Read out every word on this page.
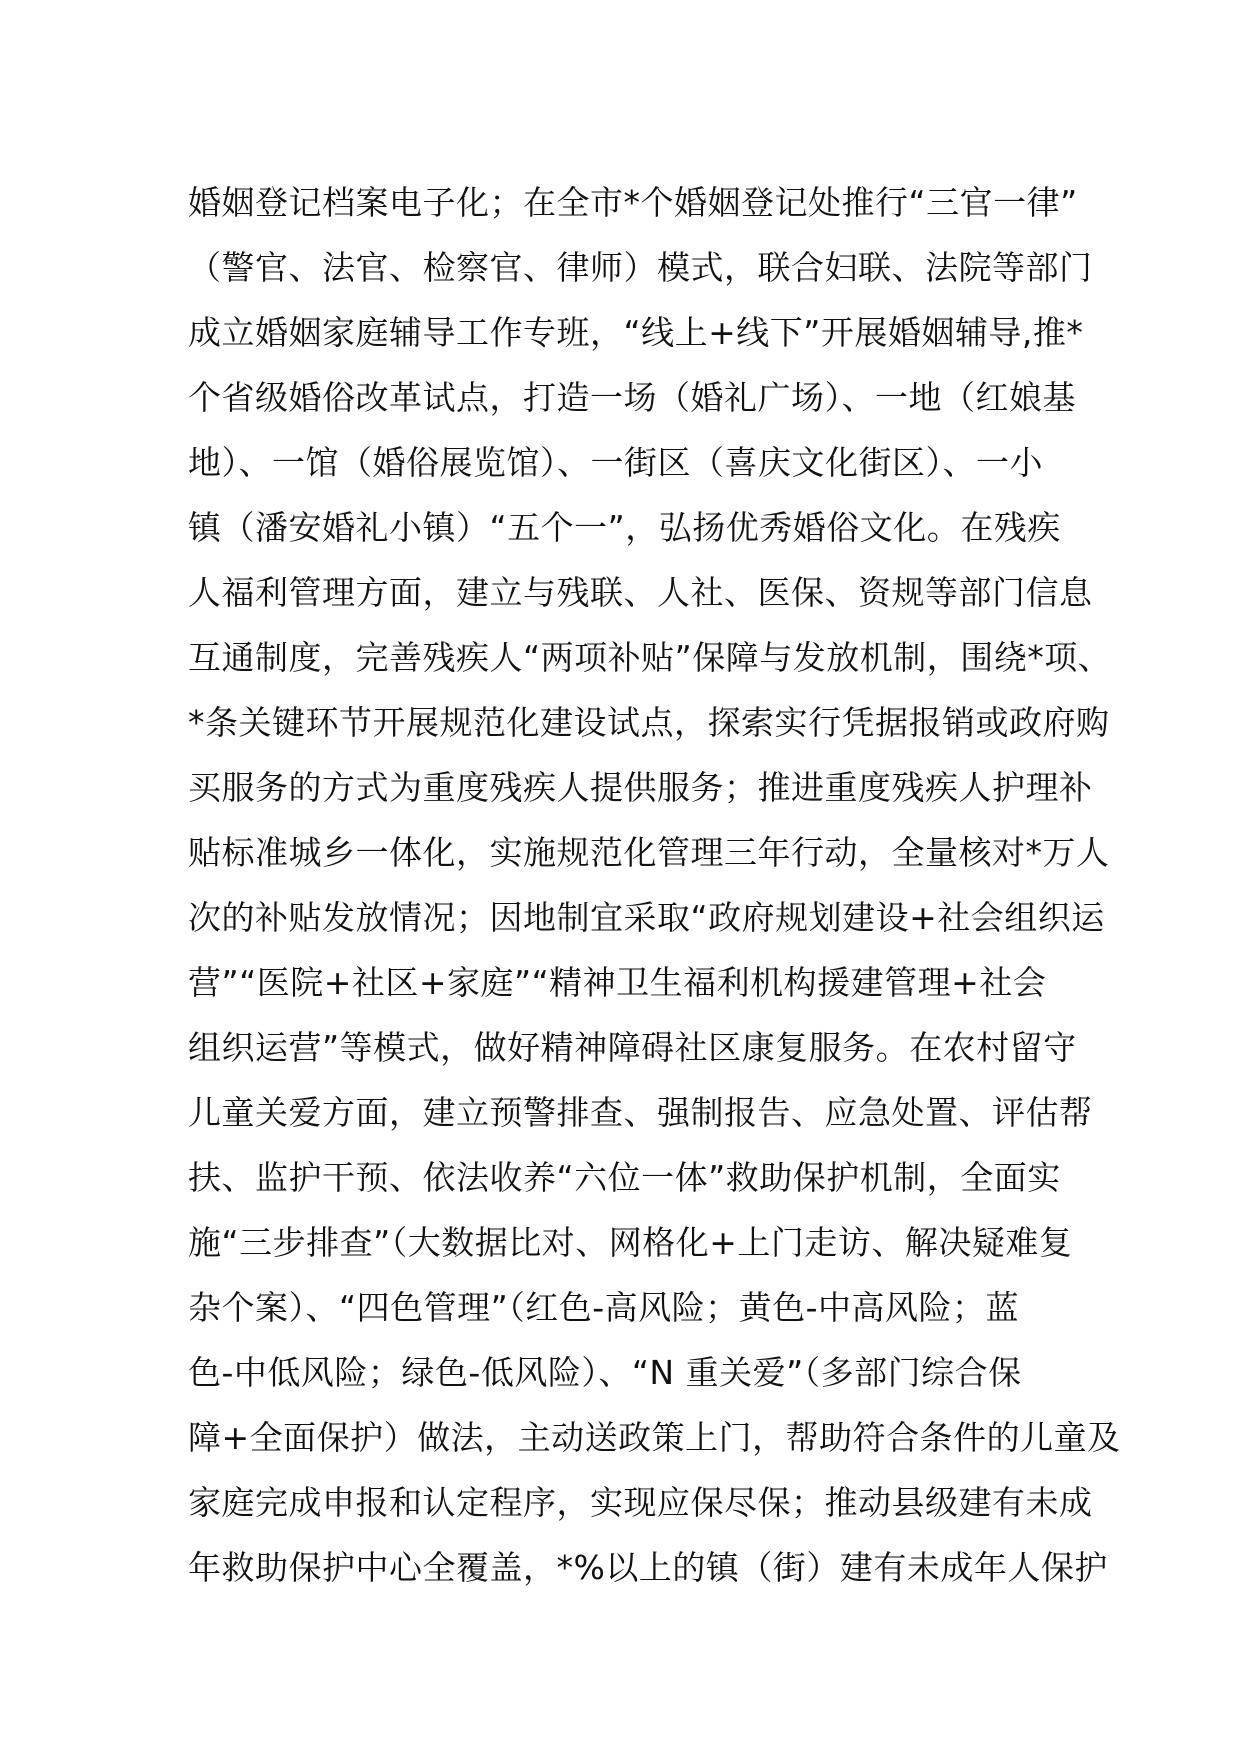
婚姻登记档案电子化；在全市*个婚姻登记处推行“三官一律”
（警官、法官、检察官、律师）模式，联合妇联、法院等部门
成立婚姻家庭辅导工作专班，“线上+线下”开展婚姻辅导,推*
个省级婚俗改革试点，打造一场（婚礼广场）、一地（红娘基
地）、一馆（婚俗展览馆）、一街区（喜庆文化街区）、一小
镇（潘安婚礼小镇）“五个一”，弘扬优秀婚俗文化。在残疾
人福利管理方面，建立与残联、人社、医保、资规等部门信息
互通制度，完善残疾人“两项补贴”保障与发放机制，围绕*项、
*条关键环节开展规范化建设试点，探索实行凭据报销或政府购
买服务的方式为重度残疾人提供服务；推进重度残疾人护理补
贴标准城乡一体化，实施规范化管理三年行动，全量核对*万人
次的补贴发放情况；因地制宜采取“政府规划建设+社会组织运
营”“医院+社区+家庭”“精神卫生福利机构援建管理+社会
组织运营”等模式，做好精神障碍社区康复服务。在农村留守
儿童关爱方面，建立预警排查、强制报告、应急处置、评估帮
扶、监护干预、依法收养“六位一体”救助保护机制，全面实
施“三步排查”（大数据比对、网格化+上门走访、解决疑难复
杂个案）、“四色管理”（红色-高风险；黄色-中高风险；蓝
色-中低风险；绿色-低风险）、“N 重关爱”（多部门综合保
障+全面保护）做法，主动送政策上门，帮助符合条件的儿童及
家庭完成申报和认定程序，实现应保尽保；推动县级建有未成
年救助保护中心全覆盖，*%以上的镇（街）建有未成年人保护
